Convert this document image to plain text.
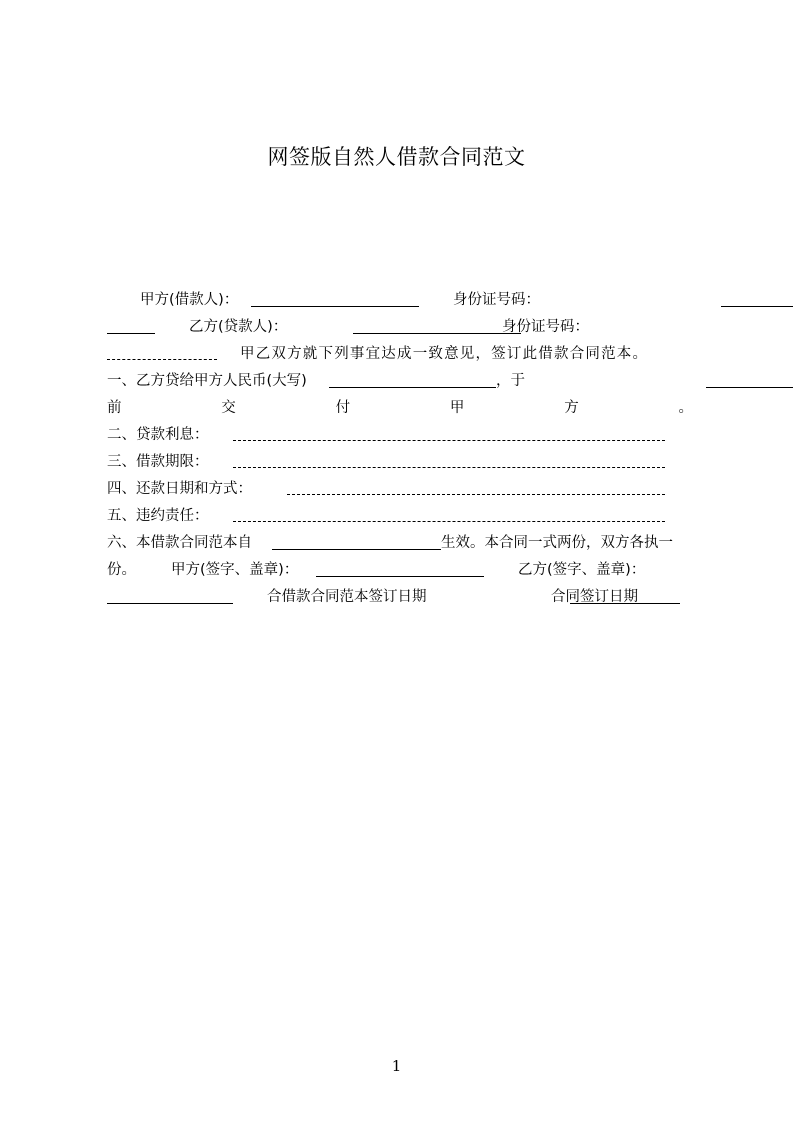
网签版自然人借款合同范文
甲方(借款人)：
	身份证号码：

乙方(贷款人)：
	身份证号码：
甲乙双方就下列事宜达成一致意见，签订此借款合同范本。
一、乙方贷给甲方人民币(大写)
	，于
前	交	付	甲	方	。
二、贷款利息：
三、借款期限：
四、还款日期和方式：
五、违约责任：
六、本借款合同范本自	生效。本合同一式两份，双方各执一
份。 甲方(签字、盖章)：
	乙方(签字、盖章)：

合借款合同范本签订日期	合同签订日期
1
